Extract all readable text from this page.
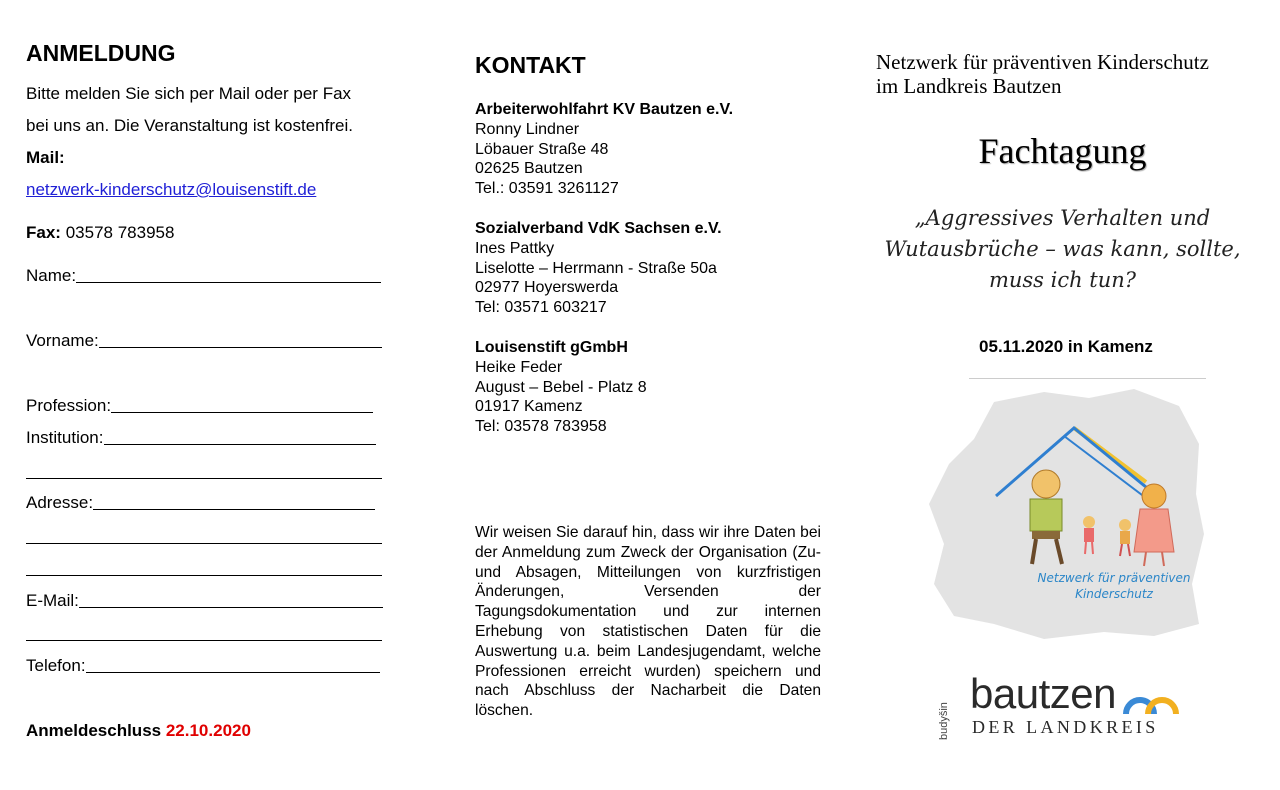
ANMELDUNG
Bitte melden Sie sich per Mail oder per Fax
bei uns an. Die Veranstaltung ist kostenfrei.
Mail:
netzwerk-kinderschutz@louisenstift.de
Fax: 03578 783958
Name:
Vorname:
Profession:
Institution:
Adresse:
E-Mail:
Telefon:
Anmeldeschluss 22.10.2020
KONTAKT
Arbeiterwohlfahrt KV Bautzen e.V.
Ronny Lindner
Löbauer Straße 48
02625 Bautzen
Tel.: 03591 3261127
Sozialverband VdK Sachsen e.V.
Ines Pattky
Liselotte – Herrmann - Straße 50a
02977 Hoyerswerda
Tel: 03571 603217
Louisenstift gGmbH
Heike Feder
August – Bebel - Platz 8
01917 Kamenz
Tel: 03578 783958
Wir weisen Sie darauf hin, dass wir ihre Daten bei der Anmeldung zum Zweck der Organisation (Zu- und Absagen, Mitteilungen von kurzfristigen Änderungen, Versenden der Tagungsdokumentation und zur internen Erhebung von statistischen Daten für die Auswertung u.a. beim Landesjugendamt, welche Professionen erreicht wurden) speichern und nach Abschluss der Nacharbeit die Daten löschen.
Netzwerk für präventiven Kinderschutz
im Landkreis Bautzen
Fachtagung
„Aggressives Verhalten und
Wutausbrüche – was kann, sollte,
muss ich tun?
05.11.2020 in Kamenz
Netzwerk für präventiven
Kinderschutz
budyšin
bautzen
DER LANDKREIS
